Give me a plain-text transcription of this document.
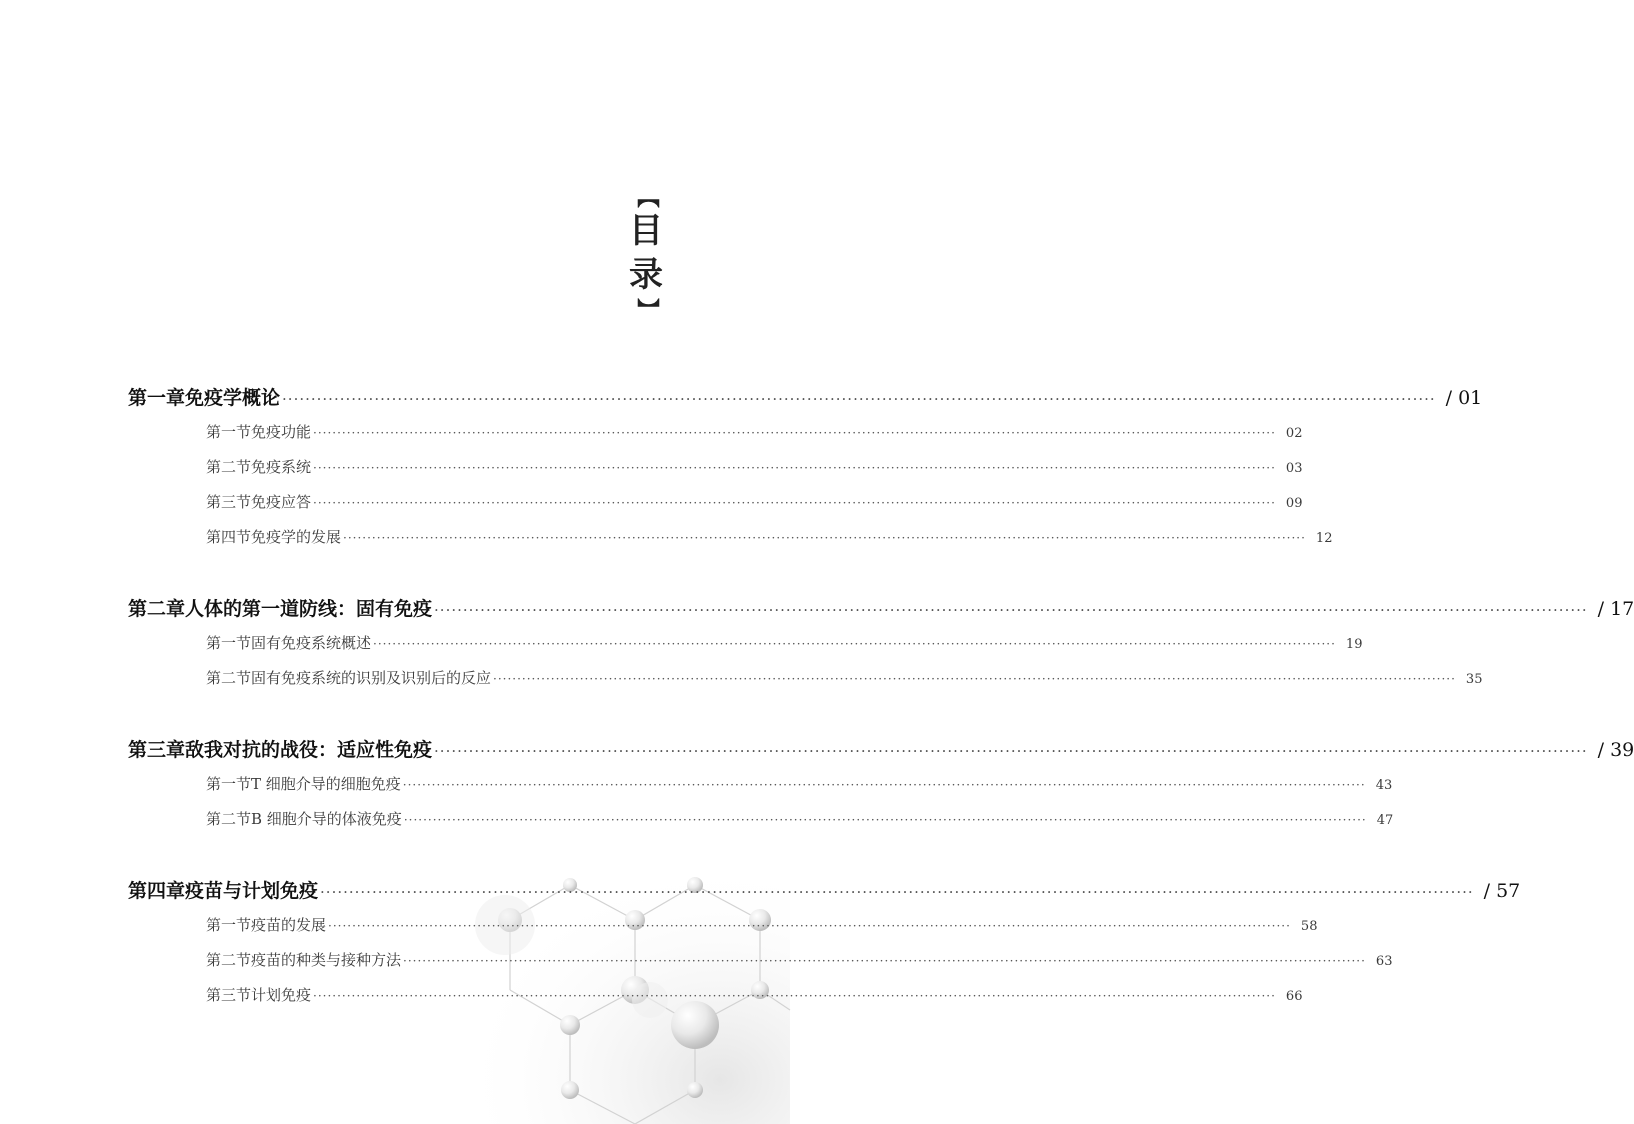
【
目
录
】
第一章 免疫学概论 ········································································································································································································ / 01
第一节 免疫功能 ········································································································································································································ 02
第二节 免疫系统 ········································································································································································································ 03
第三节 免疫应答 ········································································································································································································ 09
第四节 免疫学的发展 ········································································································································································································ 12
第二章 人体的第一道防线：固有免疫 ········································································································································································································ / 17
第一节 固有免疫系统概述 ········································································································································································································ 19
第二节 固有免疫系统的识别及识别后的反应 ········································································································································································································ 35
第三章 敌我对抗的战役：适应性免疫 ········································································································································································································ / 39
第一节 T 细胞介导的细胞免疫 ········································································································································································································ 43
第二节 B 细胞介导的体液免疫 ········································································································································································································ 47
第四章 疫苗与计划免疫 ········································································································································································································ / 57
第一节 疫苗的发展 ········································································································································································································ 58
第二节 疫苗的种类与接种方法 ········································································································································································································ 63
第三节 计划免疫 ········································································································································································································ 66
